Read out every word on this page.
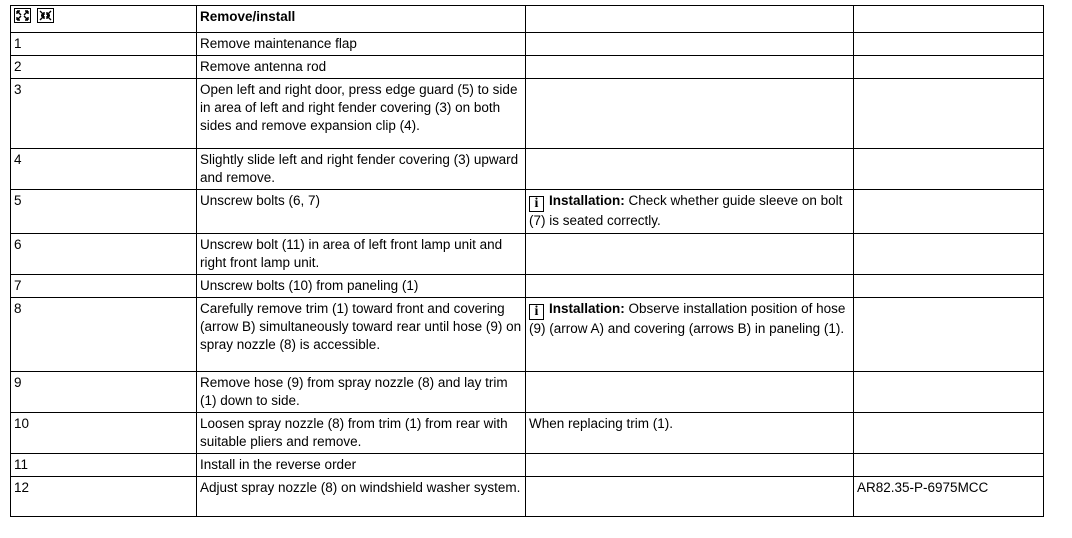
	Remove/install		
1	Remove maintenance flap		
2	Remove antenna rod		
3	Open left and right door, press edge guard (5) to side in area of left and right fender covering (3) on both sides and remove expansion clip (4).		
4	Slightly slide left and right fender covering (3) upward and remove.		
5	Unscrew bolts (6, 7)	i Installation: Check whether guide sleeve on bolt (7) is seated correctly.	
6	Unscrew bolt (11) in area of left front lamp unit and right front lamp unit.		
7	Unscrew bolts (10) from paneling (1)		
8	Carefully remove trim (1) toward front and covering (arrow B) simultaneously toward rear until hose (9) on spray nozzle (8) is accessible.	i Installation: Observe installation position of hose (9) (arrow A) and covering (arrows B) in paneling (1).	
9	Remove hose (9) from spray nozzle (8) and lay trim (1) down to side.		
10	Loosen spray nozzle (8) from trim (1) from rear with suitable pliers and remove.	When replacing trim (1).	
11	Install in the reverse order		
12	Adjust spray nozzle (8) on windshield washer system.		AR82.35-P-6975MCC
